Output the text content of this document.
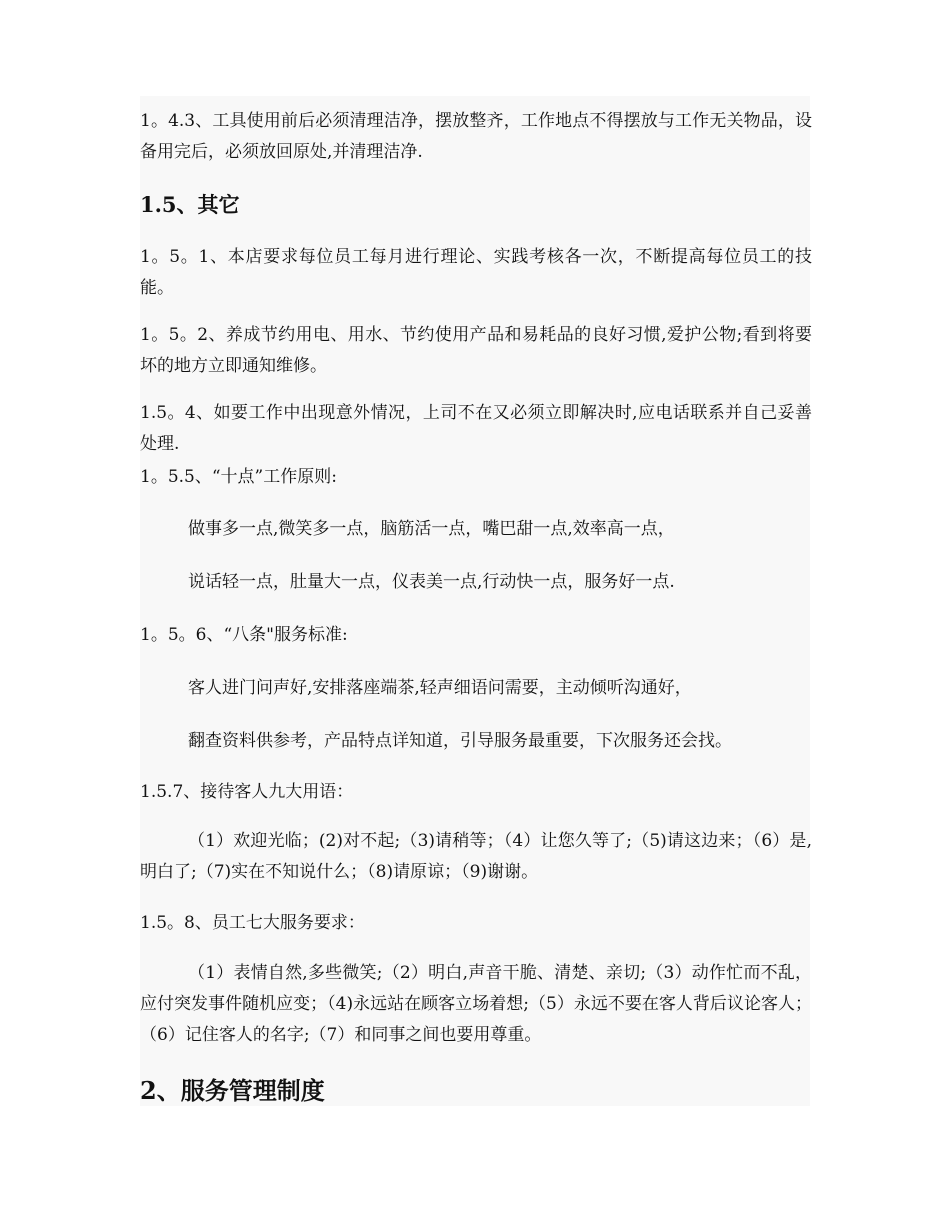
1。4.3、工具使用前后必须清理洁净，摆放整齐，工作地点不得摆放与工作无关物品，设备用完后，必须放回原处,并清理洁净.
1.5、其它
1。5。1、本店要求每位员工每月进行理论、实践考核各一次，不断提高每位员工的技能。
1。5。2、养成节约用电、用水、节约使用产品和易耗品的良好习惯,爱护公物;看到将要坏的地方立即通知维修。
1.5。4、如要工作中出现意外情况，上司不在又必须立即解决时,应电话联系并自己妥善处理.
1。5.5、“十点”工作原则:
做事多一点,微笑多一点，脑筋活一点，嘴巴甜一点,效率高一点，
说话轻一点，肚量大一点，仪表美一点,行动快一点，服务好一点.
1。5。6、“八条"服务标准:
客人进门问声好,安排落座端茶,轻声细语问需要，主动倾听沟通好，
翻查资料供参考，产品特点详知道，引导服务最重要，下次服务还会找。
1.5.7、接待客人九大用语：
（1）欢迎光临；(2)对不起;（3)请稍等；（4）让您久等了;（5)请这边来；（6）是,明白了;（7)实在不知说什么；（8)请原谅；（9)谢谢。
1.5。8、员工七大服务要求：
（1）表情自然,多些微笑;（2）明白,声音干脆、清楚、亲切;（3）动作忙而不乱，应付突发事件随机应变；（4)永远站在顾客立场着想;（5）永远不要在客人背后议论客人；（6）记住客人的名字;（7）和同事之间也要用尊重。
2、服务管理制度
